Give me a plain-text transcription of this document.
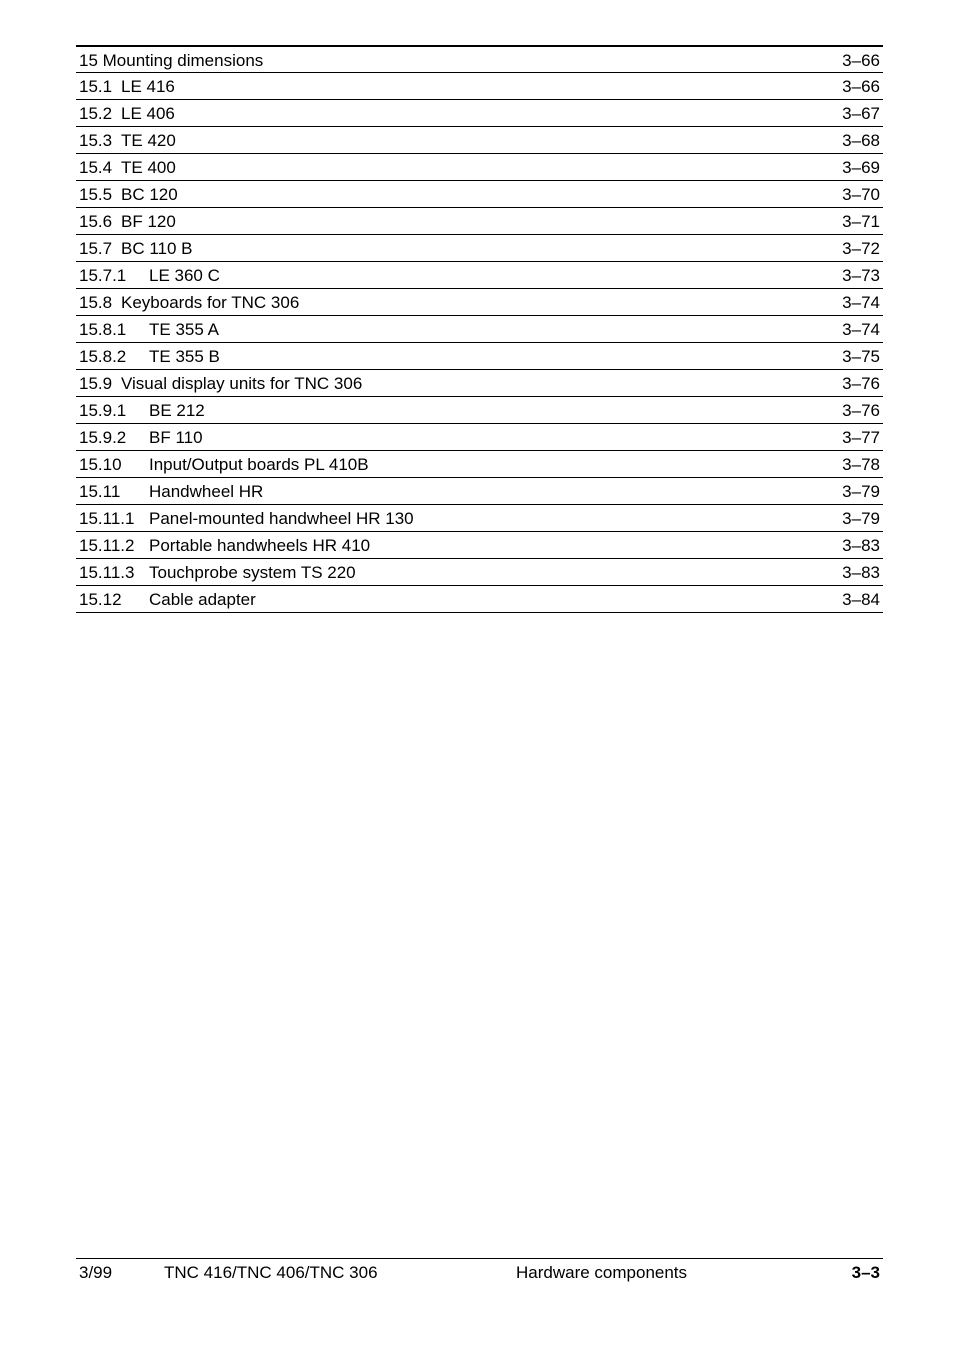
15 Mounting dimensions	3–66
15.1 LE 416	3–66
15.2 LE 406	3–67
15.3 TE 420	3–68
15.4 TE 400	3–69
15.5 BC 120	3–70
15.6 BF 120	3–71
15.7 BC 110 B	3–72
15.7.1 LE 360 C	3–73
15.8 Keyboards for TNC 306	3–74
15.8.1 TE 355 A	3–74
15.8.2 TE 355 B	3–75
15.9 Visual display units for TNC 306	3–76
15.9.1 BE 212	3–76
15.9.2 BF 110	3–77
15.10 Input/Output boards PL 410B	3–78
15.11 Handwheel HR	3–79
15.11.1 Panel-mounted handwheel HR 130	3–79
15.11.2 Portable handwheels HR 410	3–83
15.11.3 Touchprobe system TS 220	3–83
15.12 Cable adapter	3–84
3/99	TNC 416/TNC 406/TNC 306	Hardware components	3–3
